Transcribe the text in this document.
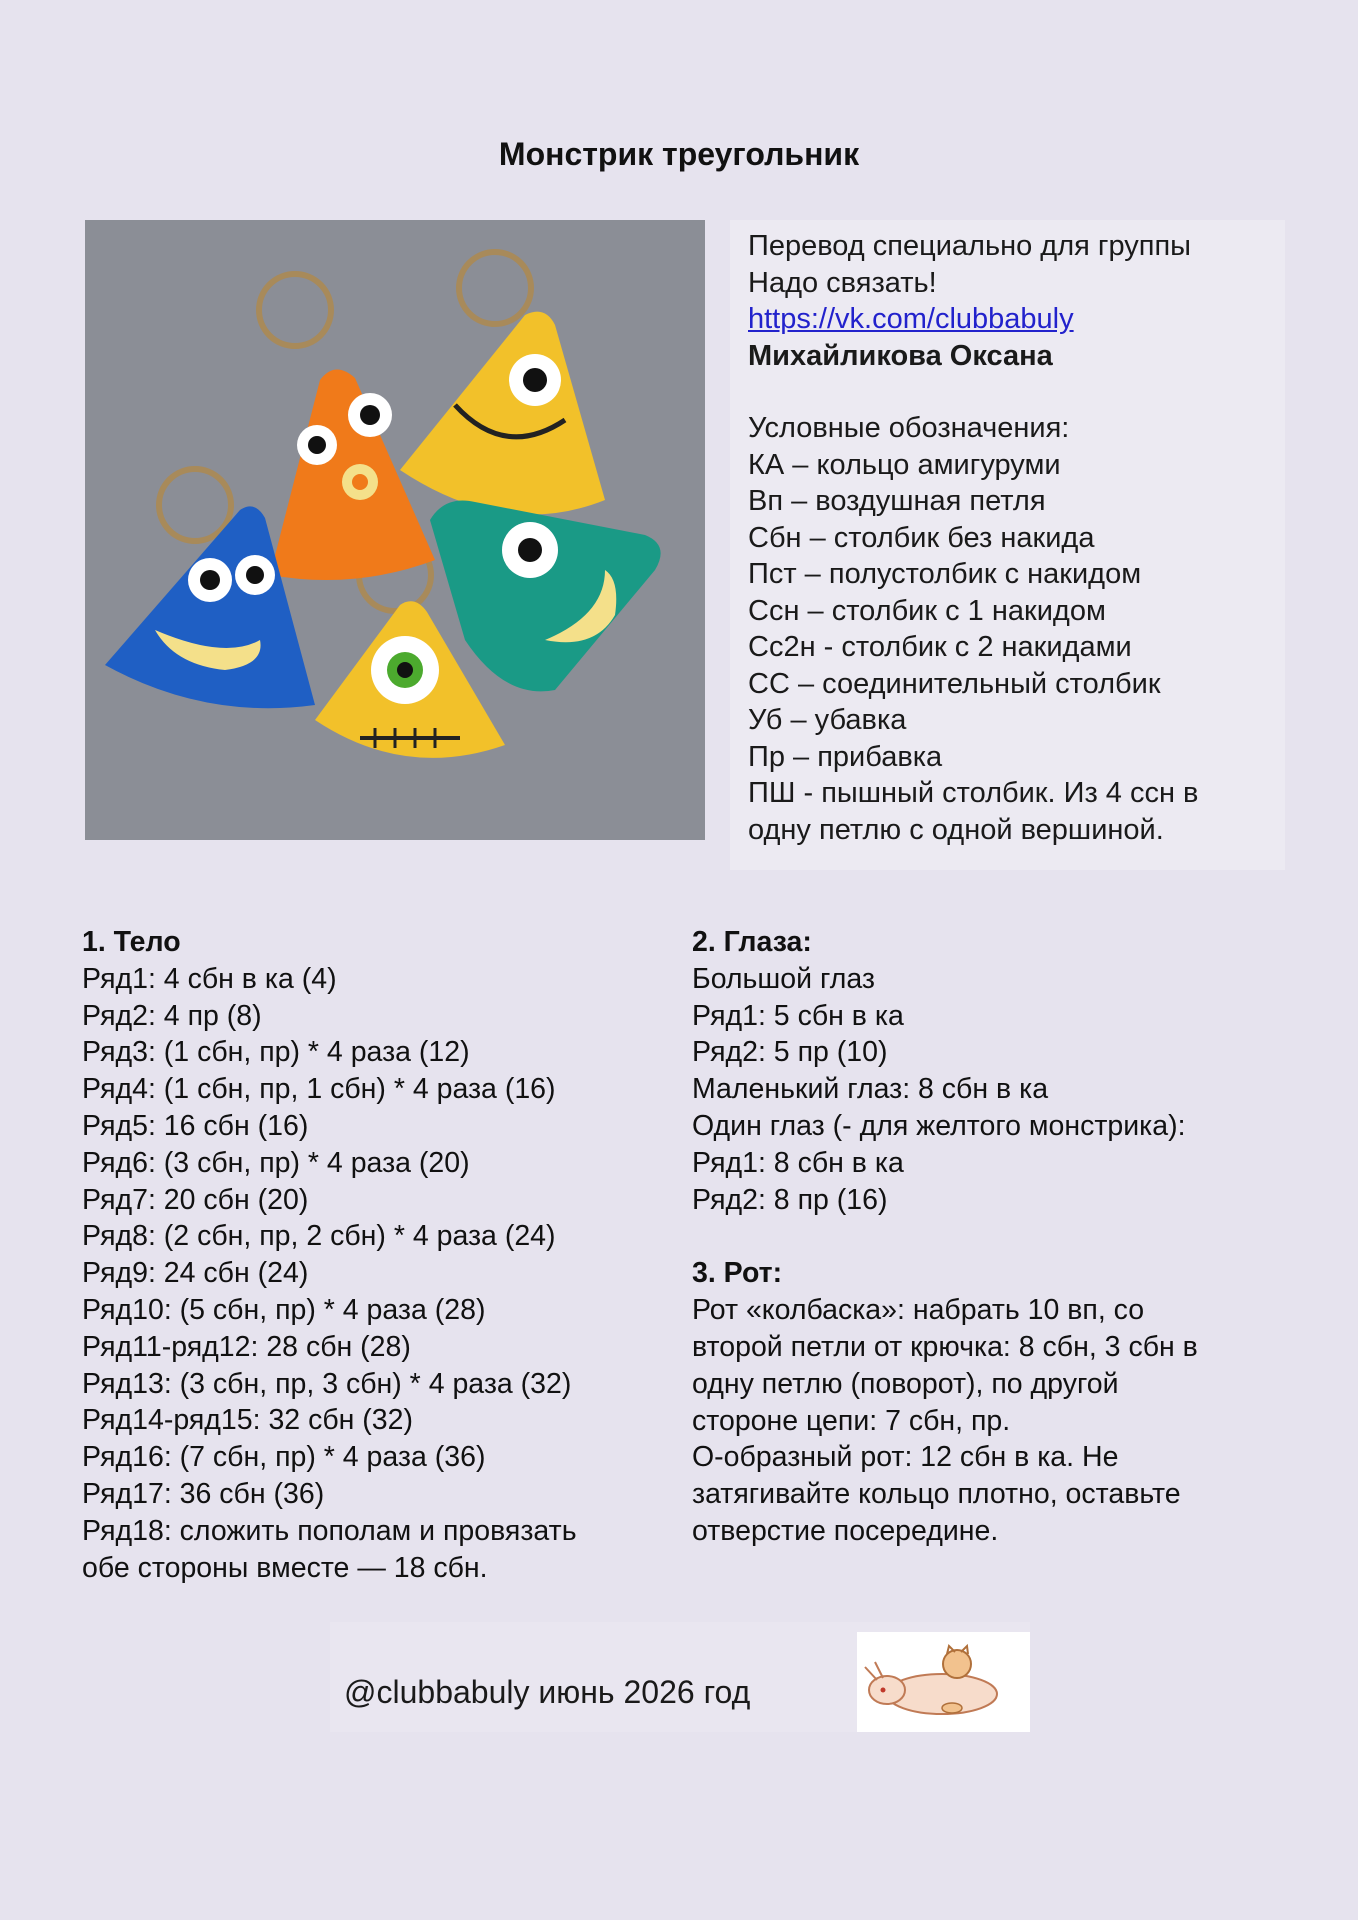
Монстрик треугольник
Перевод специально для группы
Надо связать!
https://vk.com/clubbabuly
Михайликова Оксана
Условные обозначения:
КА – кольцо амигуруми
Вп – воздушная петля
Сбн – столбик без накида
Пст – полустолбик с накидом
Ссн – столбик с 1 накидом
Сс2н - столбик с 2 накидами
СС – соединительный столбик
Уб – убавка
Пр – прибавка
ПШ - пышный столбик. Из 4 ссн в
одну петлю с одной вершиной.
1. Тело
Ряд1: 4 сбн в ка (4)
Ряд2: 4 пр (8)
Ряд3: (1 сбн, пр) * 4 раза (12)
Ряд4: (1 сбн, пр, 1 сбн) * 4 раза (16)
Ряд5: 16 сбн (16)
Ряд6: (3 сбн, пр) * 4 раза (20)
Ряд7: 20 сбн (20)
Ряд8: (2 сбн, пр, 2 сбн) * 4 раза (24)
Ряд9: 24 сбн (24)
Ряд10: (5 сбн, пр) * 4 раза (28)
Ряд11-ряд12: 28 сбн (28)
Ряд13: (3 сбн, пр, 3 сбн) * 4 раза (32)
Ряд14-ряд15: 32 сбн (32)
Ряд16: (7 сбн, пр) * 4 раза (36)
Ряд17: 36 сбн (36)
Ряд18: сложить пополам и провязать
обе стороны вместе — 18 сбн.
2. Глаза:
Большой глаз
Ряд1: 5 сбн в ка
Ряд2: 5 пр (10)
Маленький глаз: 8 сбн в ка
Один глаз (- для желтого монстрика):
Ряд1: 8 сбн в ка
Ряд2: 8 пр (16)
3. Рот:
Рот «колбаска»: набрать 10 вп, со
второй петли от крючка: 8 сбн, 3 сбн в
одну петлю (поворот), по другой
стороне цепи: 7 сбн, пр.
О-образный рот: 12 сбн в ка. Не
затягивайте кольцо плотно, оставьте
отверстие посередине.
@clubbabuly июнь 2026 год
